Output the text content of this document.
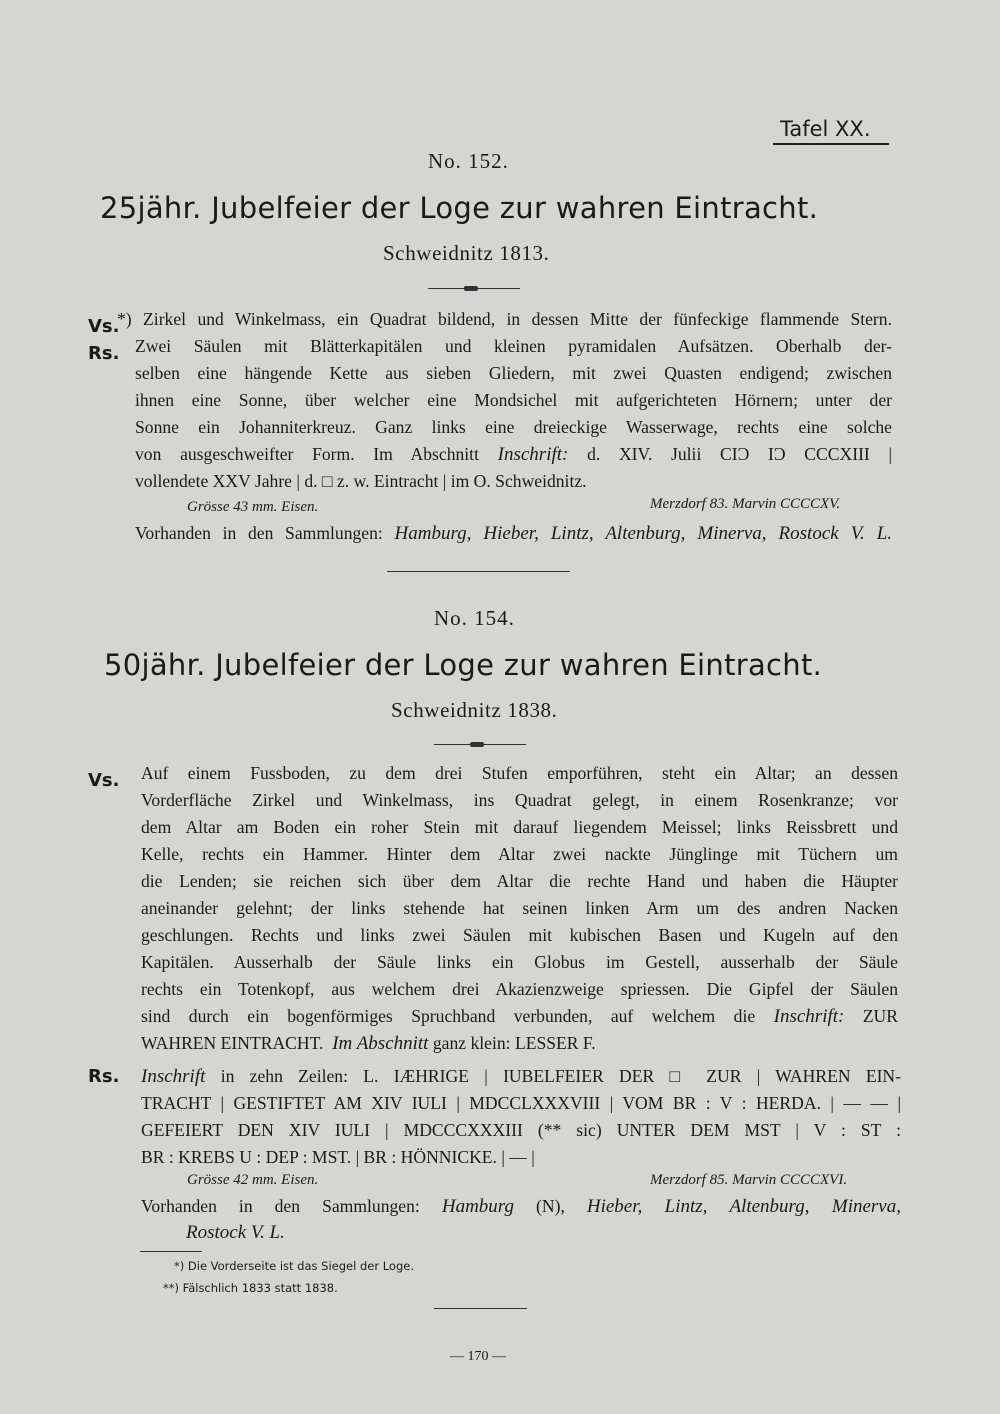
Tafel XX.
No. 152.
25jähr. Jubelfeier der Loge zur wahren Eintracht.
Schweidnitz 1813.
Vs.
*) Zirkel und Winkelmass, ein Quadrat bildend, in dessen Mitte der fünfeckige flammende Stern.
Rs. Zwei Säulen mit Blätterkapitälen und kleinen pyramidalen Aufsätzen. Oberhalb der-
selben eine hängende Kette aus sieben Gliedern, mit zwei Quasten endigend; zwischen
ihnen eine Sonne, über welcher eine Mondsichel mit aufgerichteten Hörnern; unter der
Sonne ein Johanniterkreuz. Ganz links eine dreieckige Wasserwage, rechts eine solche
von ausgeschweifter Form. Im Abschnitt Inschrift: d. XIV. Julii CIƆ IƆ CCCXIII |
vollendete XXV Jahre | d. □ z. w. Eintracht | im O. Schweidnitz.
Grösse 43 mm. Eisen.	Merzdorf 83. Marvin CCCCXV.
Vorhanden in den Sammlungen: Hamburg, Hieber, Lintz, Altenburg, Minerva, Rostock V. L.
No. 154.
50jähr. Jubelfeier der Loge zur wahren Eintracht.
Schweidnitz 1838.
Vs. Auf einem Fussboden, zu dem drei Stufen emporführen, steht ein Altar; an dessen
Vorderfläche Zirkel und Winkelmass, ins Quadrat gelegt, in einem Rosenkranze; vor
dem Altar am Boden ein roher Stein mit darauf liegendem Meissel; links Reissbrett und
Kelle, rechts ein Hammer. Hinter dem Altar zwei nackte Jünglinge mit Tüchern um
die Lenden; sie reichen sich über dem Altar die rechte Hand und haben die Häupter
aneinander gelehnt; der links stehende hat seinen linken Arm um des andren Nacken
geschlungen. Rechts und links zwei Säulen mit kubischen Basen und Kugeln auf den
Kapitälen. Ausserhalb der Säule links ein Globus im Gestell, ausserhalb der Säule
rechts ein Totenkopf, aus welchem drei Akazienzweige spriessen. Die Gipfel der Säulen
sind durch ein bogenförmiges Spruchband verbunden, auf welchem die Inschrift: ZUR
WAHREN EINTRACHT. Im Abschnitt ganz klein: LESSER F.
Rs. Inschrift in zehn Zeilen: L. IÆHRIGE | IUBELFEIER DER □ ZUR | WAHREN EIN-
TRACHT | GESTIFTET AM XIV IULI | MDCCLXXXVIII | VOM BR : V : HERDA. | — — |
GEFEIERT DEN XIV IULI | MDCCCXXXIII (** sic) UNTER DEM MST | V : ST :
BR : KREBS U : DEP : MST. | BR : HÖNNICKE. | — |
Grösse 42 mm. Eisen.	Merzdorf 85. Marvin CCCCXVI.
Vorhanden in den Sammlungen: Hamburg (N), Hieber, Lintz, Altenburg, Minerva,
Rostock V. L.
*) Die Vorderseite ist das Siegel der Loge.
**) Fälschlich 1833 statt 1838.
— 170 —
